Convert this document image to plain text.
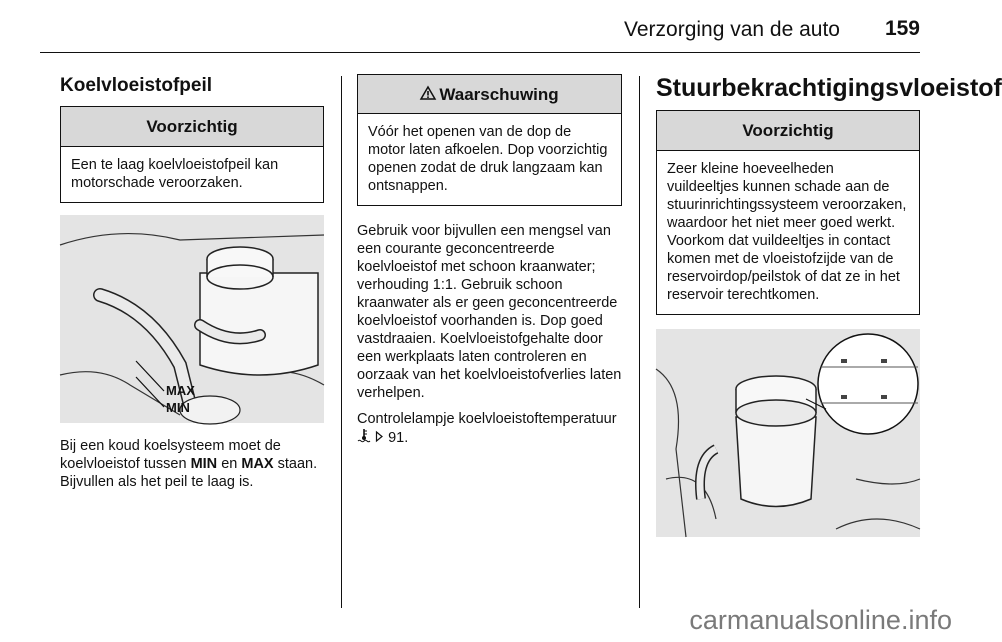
Verzorging van de auto 159
Koelvloeistofpeil
Voorzichtig
Een te laag koelvloeistofpeil kan motorschade veroorzaken.
MAX
MIN

Bij een koud koelsysteem moet de koelvloeistof tussen MIN en MAX staan. Bijvullen als het peil te laag is.

Waarschuwing
Vóór het openen van de dop de motor laten afkoelen. Dop voorzichtig openen zodat de druk langzaam kan ontsnappen.

Gebruik voor bijvullen een mengsel van een courante geconcentreerde koelvloeistof met schoon kraanwater; verhouding 1:1. Gebruik schoon kraanwater als er geen geconcentreerde koelvloeistof voorhanden is. Dop goed vastdraaien. Koelvloeistofgehalte door een werkplaats laten controleren en oorzaak van het koelvloeistofverlies laten verhelpen.

Controlelampje koelvloeistoftemperatuur   91.

Stuurbekrachtigingsvloeistof
Voorzichtig
Zeer kleine hoeveelheden vuildeeltjes kunnen schade aan de stuurinrichtingssysteem veroorzaken, waardoor het niet meer goed werkt. Voorkom dat vuildeeltjes in contact komen met de vloeistofzijde van de reservoirdop/peilstok of dat ze in het reservoir terechtkomen.
carmanualsonline.info
